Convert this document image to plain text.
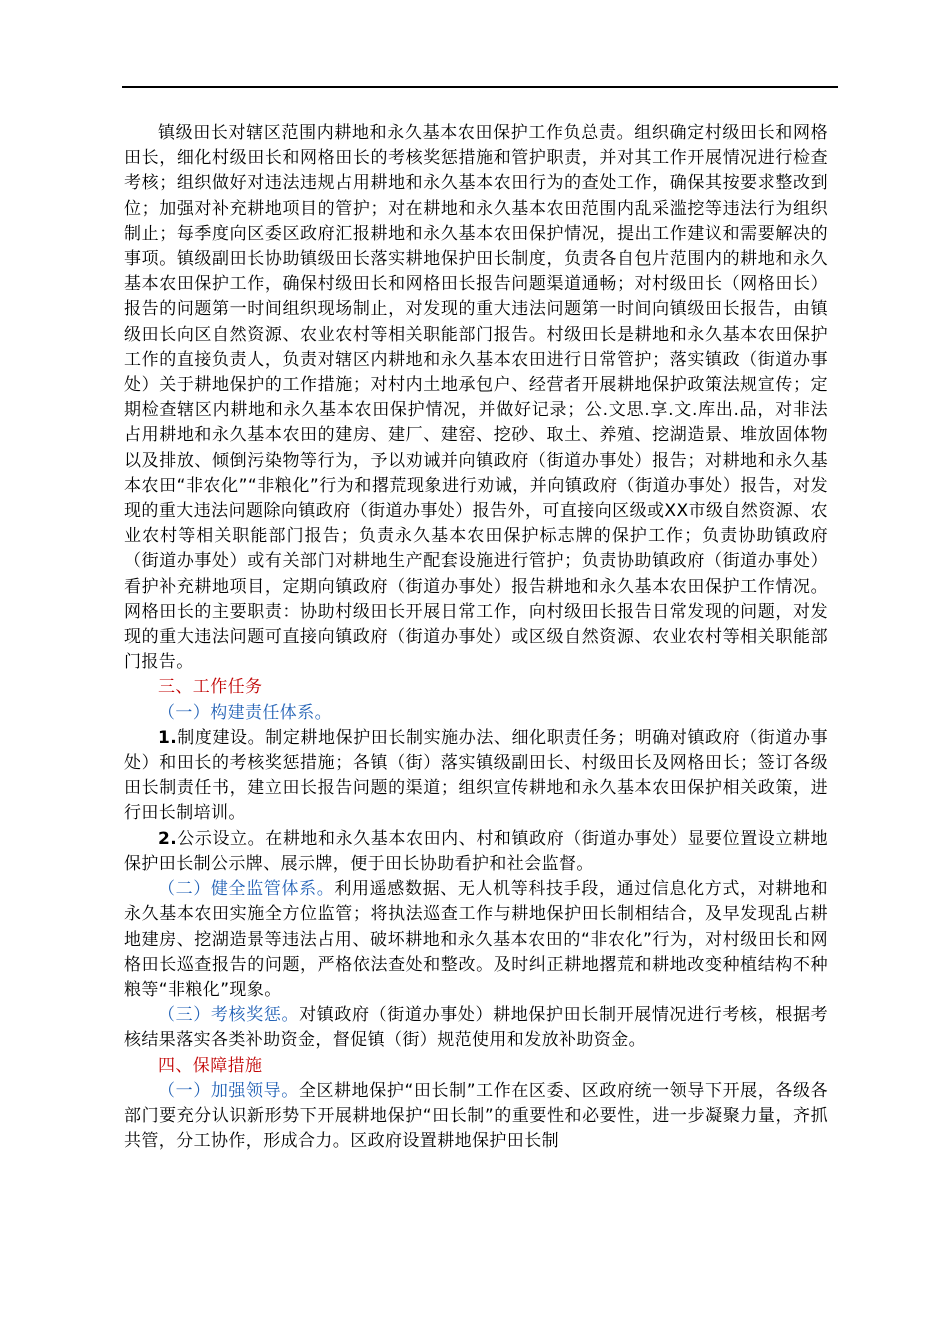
镇级田长对辖区范围内耕地和永久基本农田保护工作负总责。组织确定村级田长和网格田长，细化村级田长和网格田长的考核奖惩措施和管护职责，并对其工作开展情况进行检查考核；组织做好对违法违规占用耕地和永久基本农田行为的查处工作，确保其按要求整改到位；加强对补充耕地项目的管护；对在耕地和永久基本农田范围内乱采滥挖等违法行为组织制止；每季度向区委区政府汇报耕地和永久基本农田保护情况，提出工作建议和需要解决的事项。镇级副田长协助镇级田长落实耕地保护田长制度，负责各自包片范围内的耕地和永久基本农田保护工作，确保村级田长和网格田长报告问题渠道通畅；对村级田长（网格田长）报告的问题第一时间组织现场制止，对发现的重大违法问题第一时间向镇级田长报告，由镇级田长向区自然资源、农业农村等相关职能部门报告。村级田长是耕地和永久基本农田保护工作的直接负责人，负责对辖区内耕地和永久基本农田进行日常管护；落实镇政（街道办事处）关于耕地保护的工作措施；对村内土地承包户、经营者开展耕地保护政策法规宣传；定期检查辖区内耕地和永久基本农田保护情况，并做好记录；公.文思.享.文.库出.品，对非法占用耕地和永久基本农田的建房、建厂、建窑、挖砂、取土、养殖、挖湖造景、堆放固体物以及排放、倾倒污染物等行为，予以劝诫并向镇政府（街道办事处）报告；对耕地和永久基本农田“非农化”“非粮化”行为和撂荒现象进行劝诫，并向镇政府（街道办事处）报告，对发现的重大违法问题除向镇政府（街道办事处）报告外，可直接向区级或XX市级自然资源、农业农村等相关职能部门报告；负责永久基本农田保护标志牌的保护工作；负责协助镇政府（街道办事处）或有关部门对耕地生产配套设施进行管护；负责协助镇政府（街道办事处）看护补充耕地项目，定期向镇政府（街道办事处）报告耕地和永久基本农田保护工作情况。网格田长的主要职责：协助村级田长开展日常工作，向村级田长报告日常发现的问题，对发现的重大违法问题可直接向镇政府（街道办事处）或区级自然资源、农业农村等相关职能部门报告。

三、工作任务

（一）构建责任体系。

1.制度建设。制定耕地保护田长制实施办法、细化职责任务；明确对镇政府（街道办事处）和田长的考核奖惩措施；各镇（街）落实镇级副田长、村级田长及网格田长；签订各级田长制责任书，建立田长报告问题的渠道；组织宣传耕地和永久基本农田保护相关政策，进行田长制培训。

2.公示设立。在耕地和永久基本农田内、村和镇政府（街道办事处）显要位置设立耕地保护田长制公示牌、展示牌，便于田长协助看护和社会监督。

（二）健全监管体系。利用遥感数据、无人机等科技手段，通过信息化方式，对耕地和永久基本农田实施全方位监管；将执法巡查工作与耕地保护田长制相结合，及早发现乱占耕地建房、挖湖造景等违法占用、破坏耕地和永久基本农田的“非农化”行为，对村级田长和网格田长巡查报告的问题，严格依法查处和整改。及时纠正耕地撂荒和耕地改变种植结构不种粮等“非粮化”现象。

（三）考核奖惩。对镇政府（街道办事处）耕地保护田长制开展情况进行考核，根据考核结果落实各类补助资金，督促镇（街）规范使用和发放补助资金。

四、保障措施

（一）加强领导。全区耕地保护“田长制”工作在区委、区政府统一领导下开展，各级各部门要充分认识新形势下开展耕地保护“田长制”的重要性和必要性，进一步凝聚力量，齐抓共管，分工协作，形成合力。区政府设置耕地保护田长制
